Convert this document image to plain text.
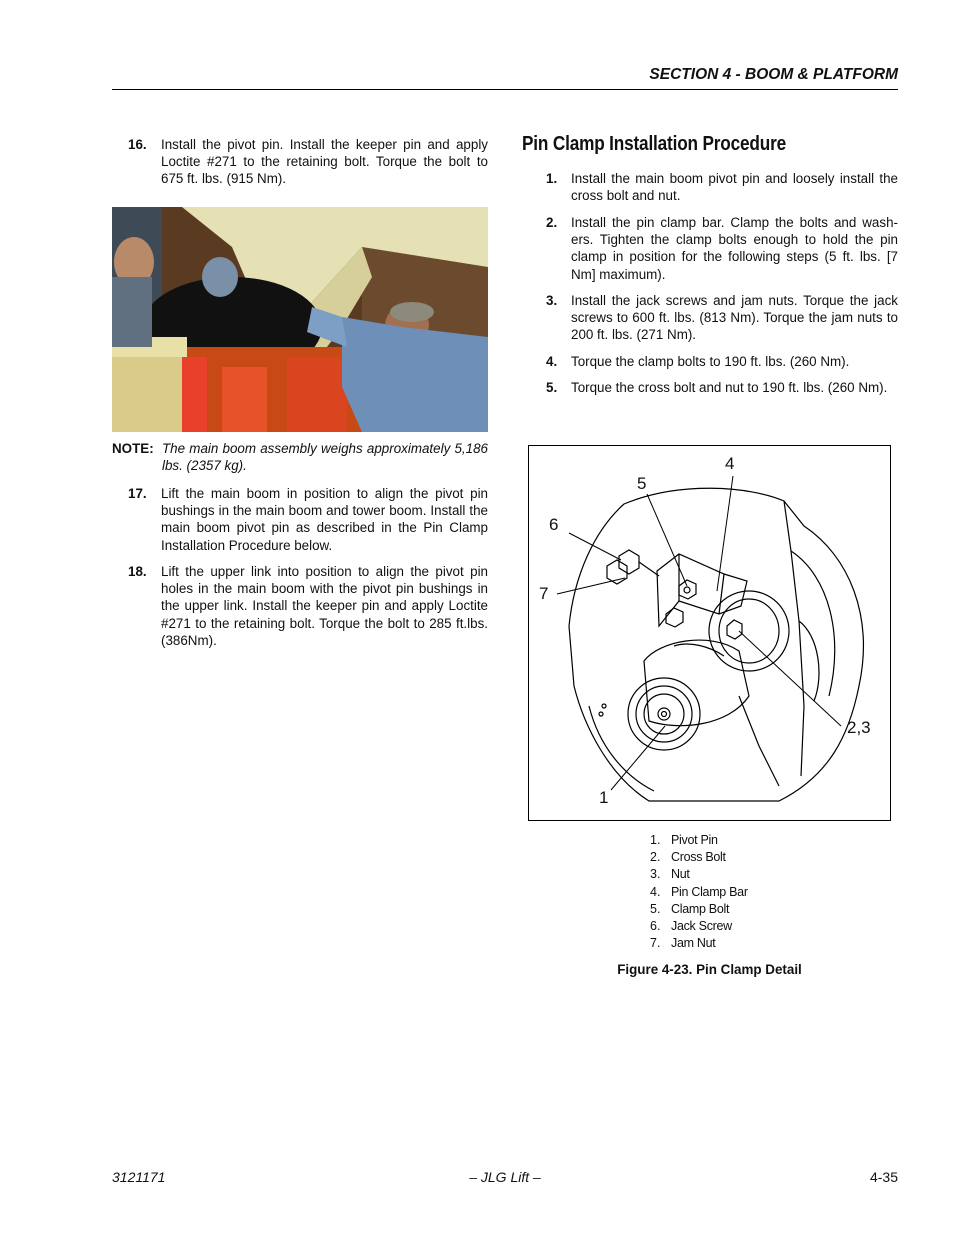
SECTION 4 - BOOM & PLATFORM
16. Install the pivot pin. Install the keeper pin and apply Loctite #271 to the retaining bolt. Torque the bolt to 675 ft. lbs. (915 Nm).
NOTE: The main boom assembly weighs approximately 5,186 lbs. (2357 kg).
17. Lift the main boom in position to align the pivot pin bushings in the main boom and tower boom. Install the main boom pivot pin as described in the Pin Clamp Installation Procedure below.
18. Lift the upper link into position to align the pivot pin holes in the main boom with the pivot pin bushings in the upper link. Install the keeper pin and apply Loctite #271 to the retaining bolt. Torque the bolt to 285 ft.lbs. (386Nm).
Pin Clamp Installation Procedure
1. Install the main boom pivot pin and loosely install the cross bolt and nut.
2. Install the pin clamp bar. Clamp the bolts and wash-ers. Tighten the clamp bolts enough to hold the pin clamp in position for the following steps (5 ft. lbs. [7 Nm] maximum).
3. Install the jack screws and jam nuts. Torque the jack screws to 600 ft. lbs. (813 Nm). Torque the jam nuts to 200 ft. lbs. (271 Nm).
4. Torque the clamp bolts to 190 ft. lbs. (260 Nm).
5. Torque the cross bolt and nut to 190 ft. lbs. (260 Nm).
4
5
6
7
2,3
1
1. Pivot Pin
2. Cross Bolt
3. Nut
4. Pin Clamp Bar
5. Clamp Bolt
6. Jack Screw
7. Jam Nut
Figure 4-23. Pin Clamp Detail
3121171	– JLG Lift –	4-35
